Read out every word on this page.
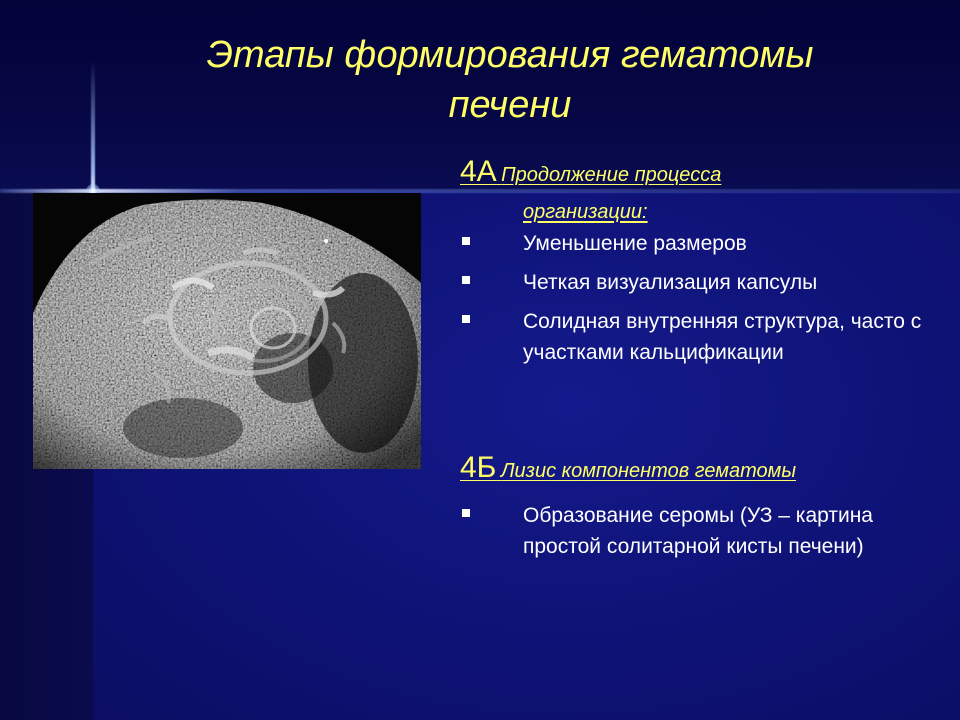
Этапы формирования гематомы печени
4А Продолжение процесса
организации:
Уменьшение размеров
Четкая визуализация капсулы
Солидная внутренняя структура, часто с участками кальцификации
4Б Лизис компонентов гематомы
Образование серомы (УЗ – картина простой солитарной кисты печени)
